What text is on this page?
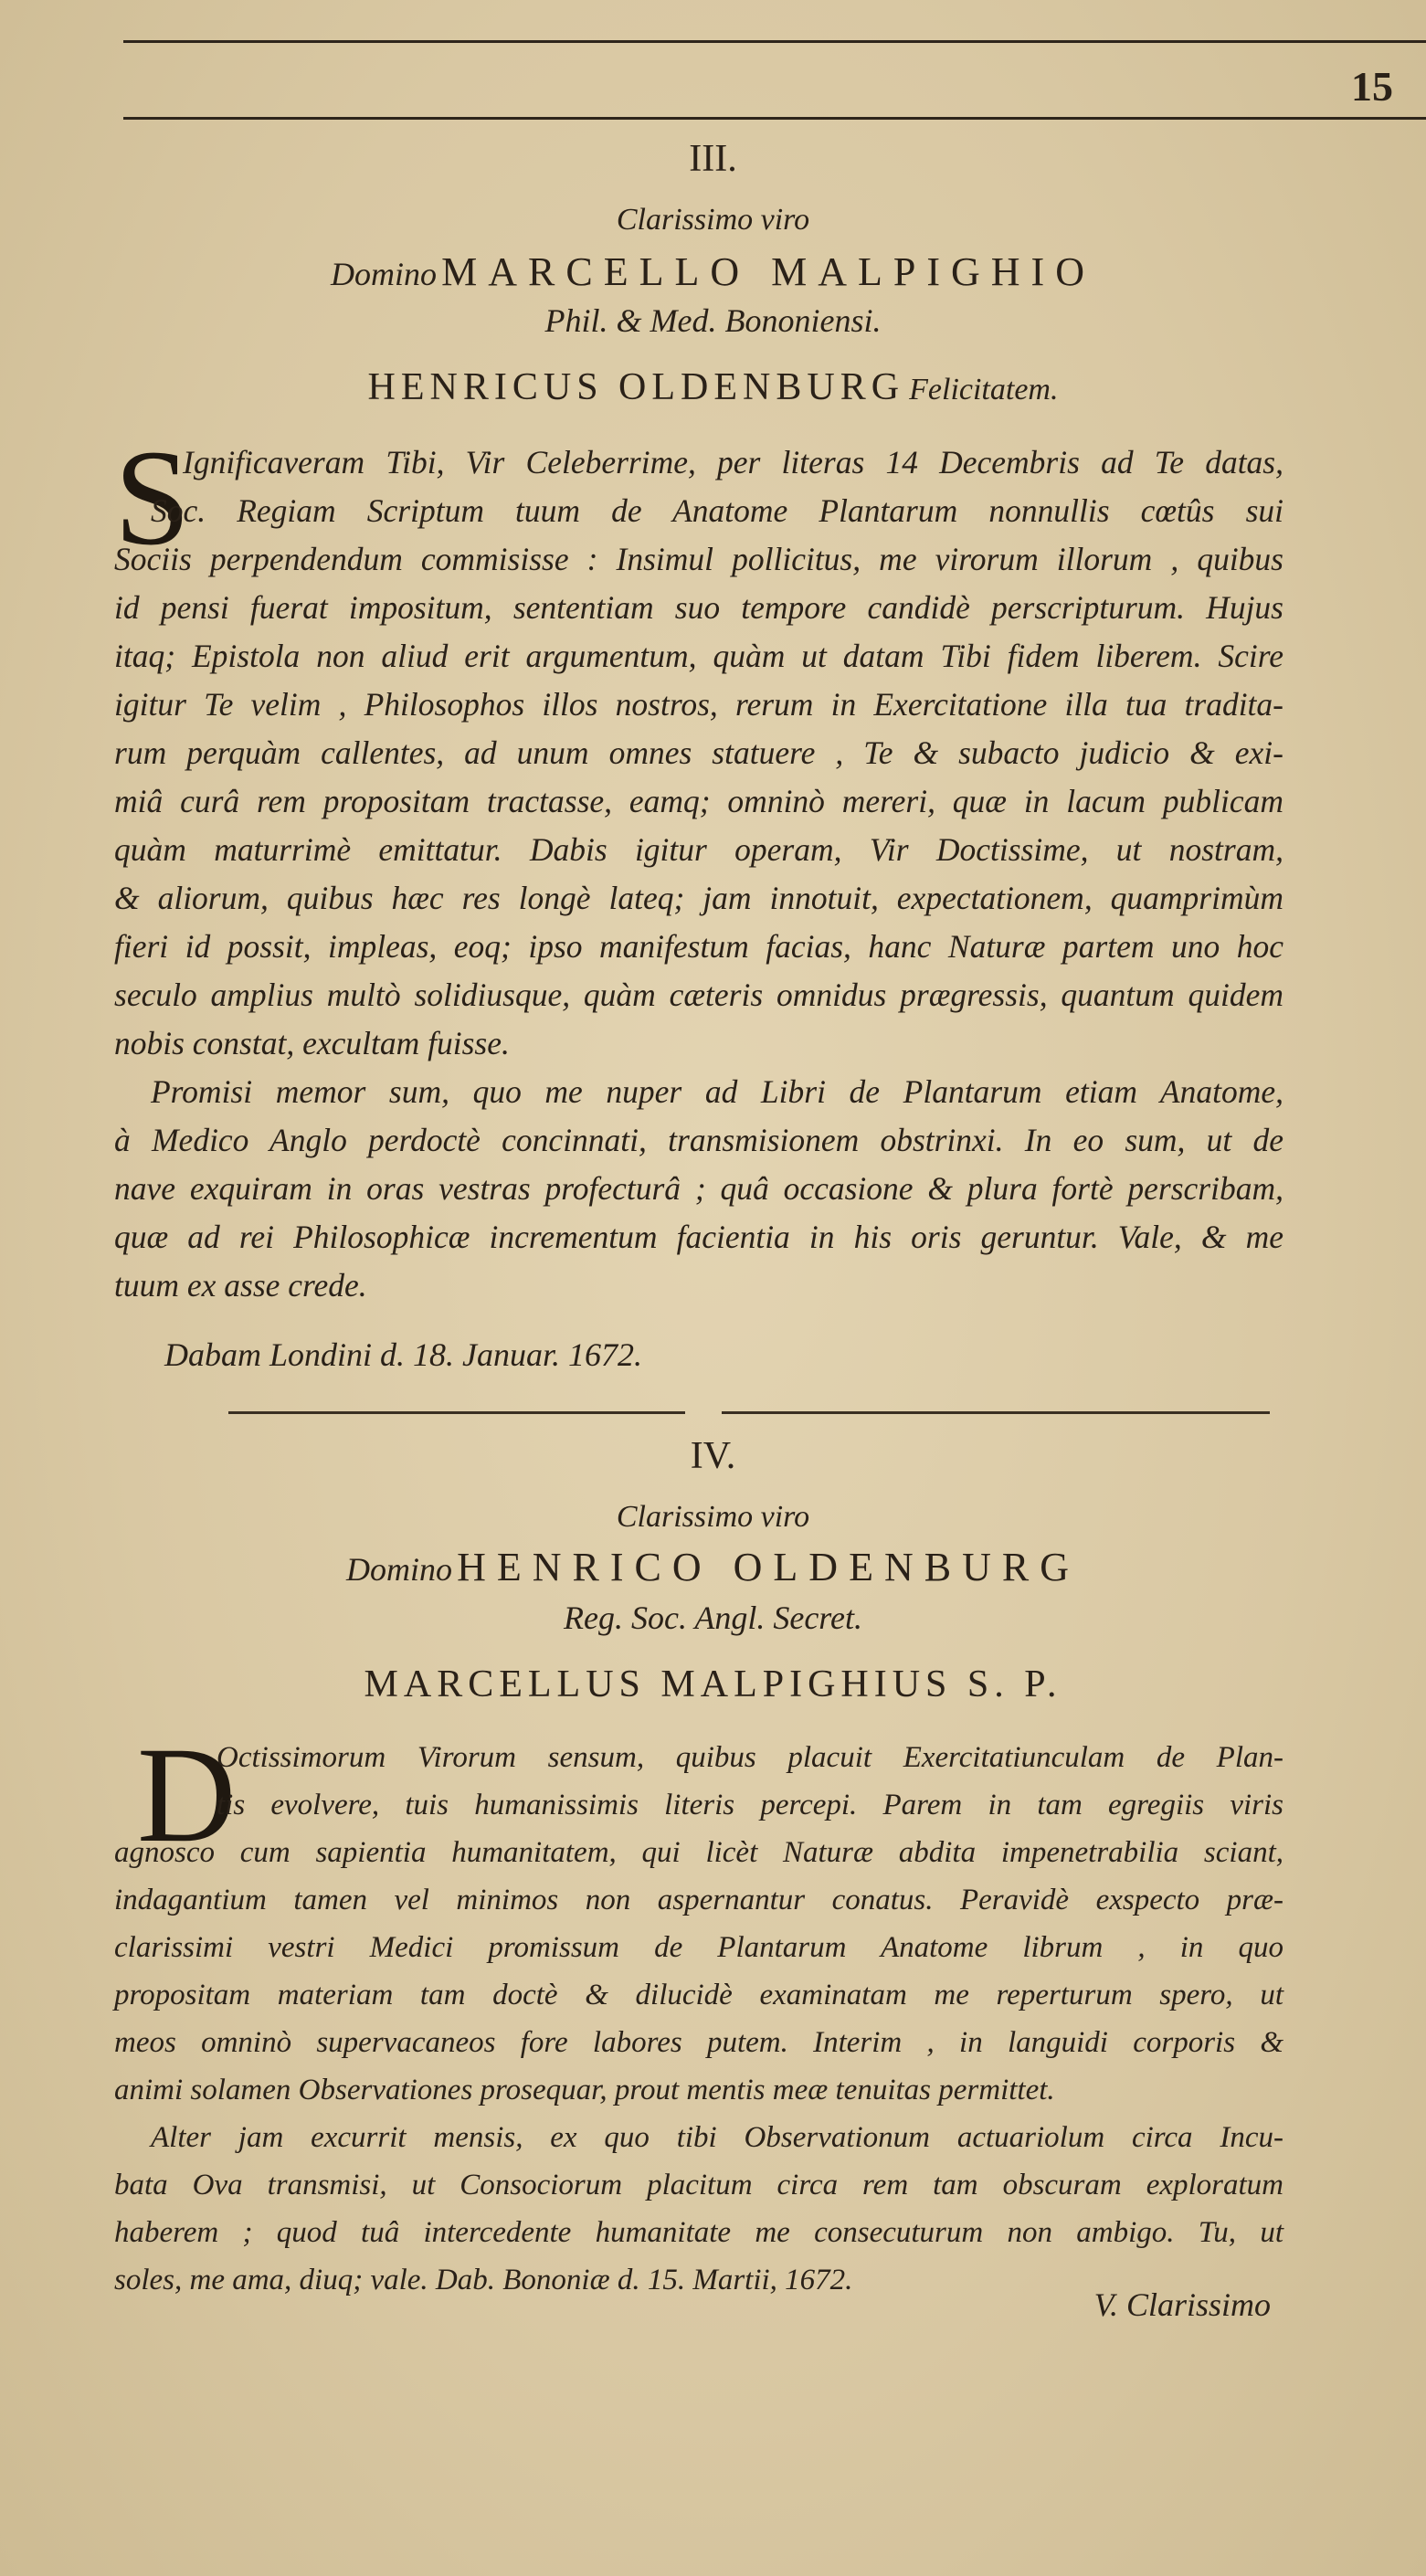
15
III.
Clarissimo viro
Domino MARCELLO MALPIGHIO
Phil. & Med. Bononiensi.
HENRICUS OLDENBURG Felicitatem.
S
Ignificaveram Tibi, Vir Celeberrime, per literas 14 Decembris ad Te datas,
Soc. Regiam Scriptum tuum de Anatome Plantarum nonnullis cœtûs sui
Sociis perpendendum commisisse : Insimul pollicitus, me virorum illorum , quibus
id pensi fuerat impositum, sententiam suo tempore candidè perscripturum. Hujus
itaq; Epistola non aliud erit argumentum, quàm ut datam Tibi fidem liberem. Scire
igitur Te velim , Philosophos illos nostros, rerum in Exercitatione illa tua tradita-
rum perquàm callentes, ad unum omnes statuere , Te & subacto judicio & exi-
miâ curâ rem propositam tractasse, eamq; omninò mereri, quæ in lacum publicam
quàm maturrimè emittatur. Dabis igitur operam, Vir Doctissime, ut nostram,
& aliorum, quibus hæc res longè lateq; jam innotuit, expectationem, quamprimùm
fieri id possit, impleas, eoq; ipso manifestum facias, hanc Naturæ partem uno hoc
seculo amplius multò solidiusque, quàm cæteris omnidus prægressis, quantum quidem
nobis constat, excultam fuisse.
Promisi memor sum, quo me nuper ad Libri de Plantarum etiam Anatome,
à Medico Anglo perdoctè concinnati, transmisionem obstrinxi. In eo sum, ut de
nave exquiram in oras vestras profecturâ ; quâ occasione & plura fortè perscribam,
quæ ad rei Philosophicæ incrementum facientia in his oris geruntur. Vale, & me
tuum ex asse crede.
Dabam Londini d. 18. Januar. 1672.
IV.
Clarissimo viro
Domino HENRICO OLDENBURG
Reg. Soc. Angl. Secret.
MARCELLUS MALPIGHIUS S. P.
D
Octissimorum Virorum sensum, quibus placuit Exercitatiunculam de Plan-
tis evolvere, tuis humanissimis literis percepi. Parem in tam egregiis viris
agnosco cum sapientia humanitatem, qui licèt Naturæ abdita impenetrabilia sciant,
indagantium tamen vel minimos non aspernantur conatus. Peravidè exspecto præ-
clarissimi vestri Medici promissum de Plantarum Anatome librum , in quo
propositam materiam tam doctè & dilucidè examinatam me reperturum spero, ut
meos omninò supervacaneos fore labores putem. Interim , in languidi corporis &
animi solamen Observationes prosequar, prout mentis meæ tenuitas permittet.
Alter jam excurrit mensis, ex quo tibi Observationum actuariolum circa Incu-
bata Ova transmisi, ut Consociorum placitum circa rem tam obscuram exploratum
haberem ; quod tuâ intercedente humanitate me consecuturum non ambigo. Tu, ut
soles, me ama, diuq; vale. Dab. Bononiæ d. 15. Martii, 1672.
V. Clarissimo
